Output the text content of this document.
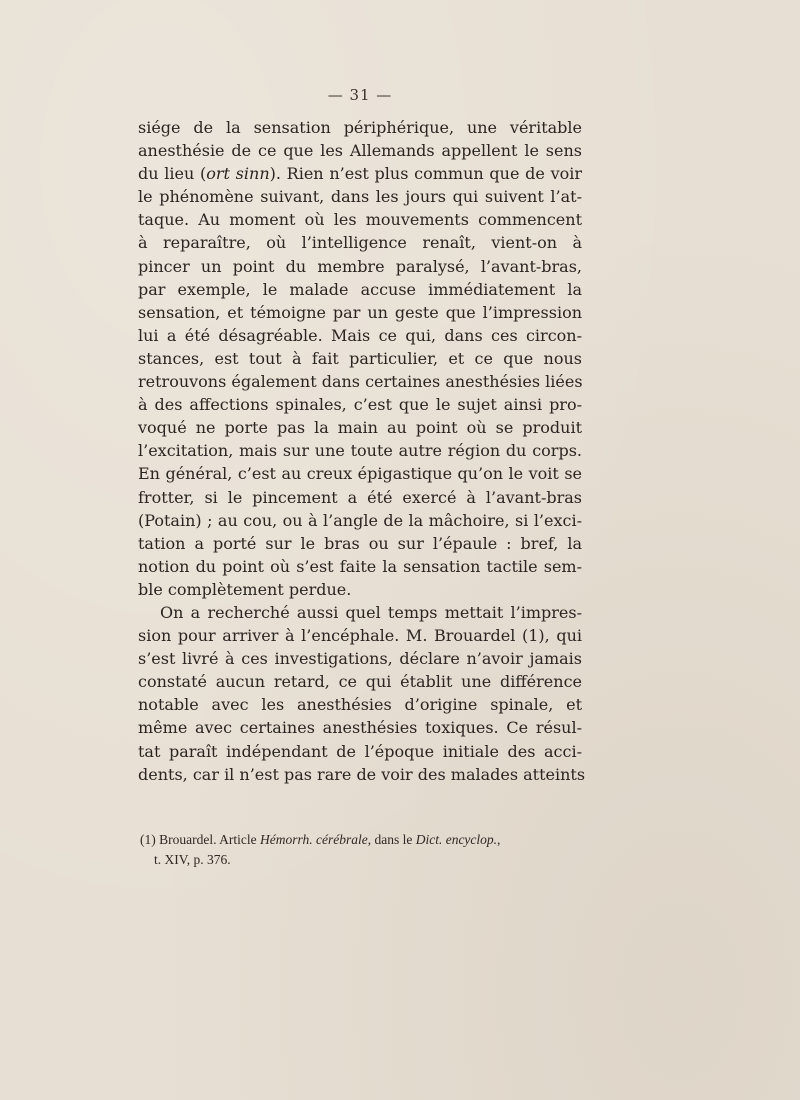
— 31 —
siége de la sensation périphérique, une véritable
anesthésie de ce que les Allemands appellent le sens
du lieu (ort sinn). Rien n’est plus commun que de voir
le phénomène suivant, dans les jours qui suivent l’at-
taque. Au moment où les mouvements commencent
à reparaître, où l’intelligence renaît, vient-on à
pincer un point du membre paralysé, l’avant-bras,
par exemple, le malade accuse immédiatement la
sensation, et témoigne par un geste que l’impression
lui a été désagréable. Mais ce qui, dans ces circon-
stances, est tout à fait particulier, et ce que nous
retrouvons également dans certaines anesthésies liées
à des affections spinales, c’est que le sujet ainsi pro-
voqué ne porte pas la main au point où se produit
l’excitation, mais sur une toute autre région du corps.
En général, c’est au creux épigastique qu’on le voit se
frotter, si le pincement a été exercé à l’avant-bras
(Potain) ; au cou, ou à l’angle de la mâchoire, si l’exci-
tation a porté sur le bras ou sur l’épaule : bref, la
notion du point où s’est faite la sensation tactile sem-
ble complètement perdue.
On a recherché aussi quel temps mettait l’impres-
sion pour arriver à l’encéphale. M. Brouardel (1), qui
s’est livré à ces investigations, déclare n’avoir jamais
constaté aucun retard, ce qui établit une différence
notable avec les anesthésies d’origine spinale, et
même avec certaines anesthésies toxiques. Ce résul-
tat paraît indépendant de l’époque initiale des acci-
dents, car il n’est pas rare de voir des malades atteints
(1) Brouardel. Article Hémorrh. cérébrale, dans le Dict. encyclop.,
t. XIV, p. 376.
